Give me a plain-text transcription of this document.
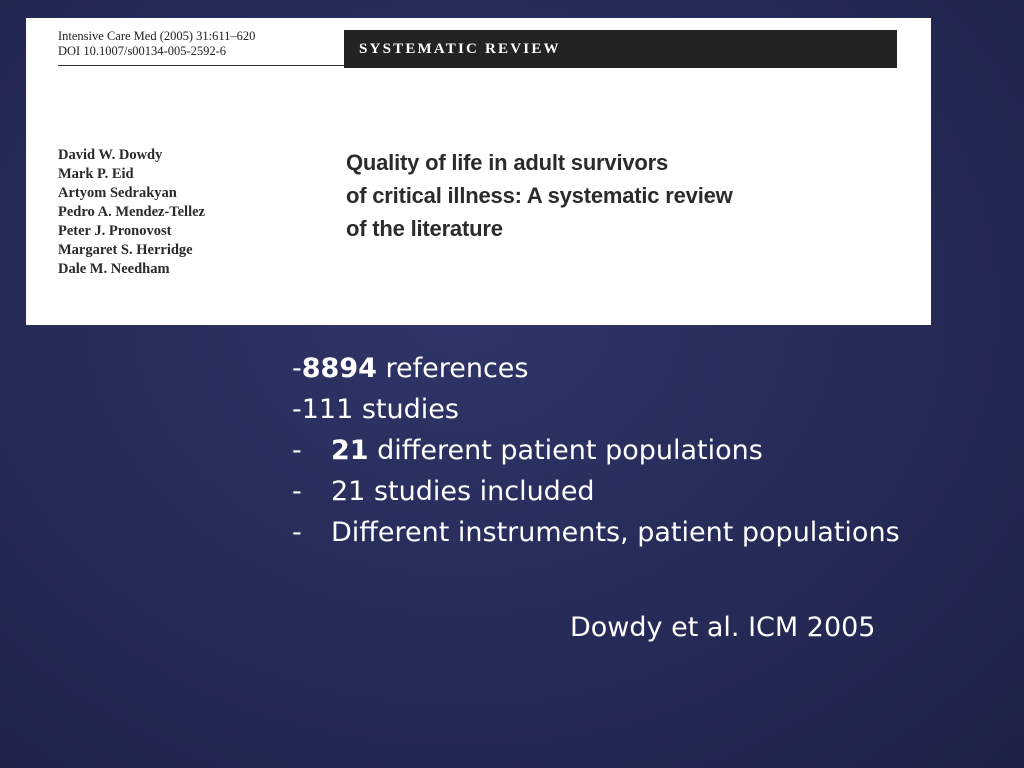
Intensive Care Med (2005) 31:611–620
DOI 10.1007/s00134-005-2592-6	SYSTEMATIC REVIEW
David W. Dowdy
Mark P. Eid
Artyom Sedrakyan
Pedro A. Mendez-Tellez
Peter J. Pronovost
Margaret S. Herridge
Dale M. Needham
Quality of life in adult survivors
of critical illness: A systematic review
of the literature
-8894 references
-111 studies
- 21 different patient populations
- 21 studies included
- Different instruments, patient populations
Dowdy et al. ICM 2005
